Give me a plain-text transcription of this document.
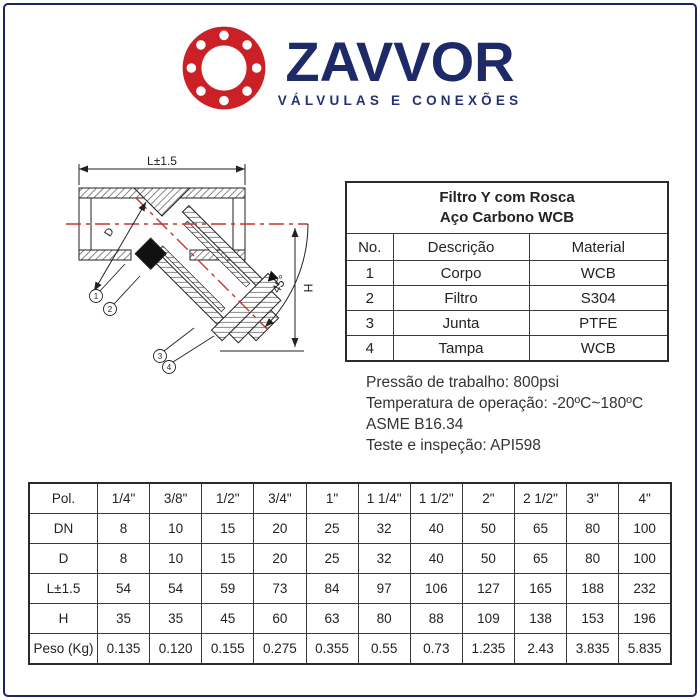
ZAVVOR
VÁLVULAS E CONEXÕES
L±1.5
D
H
45°
1
2
3
4
Filtro Y com Rosca
Aço Carbono WCB		

No.	Descrição	Material
1	Corpo	WCB
2	Filtro	S304
3	Junta	PTFE
4	Tampa	WCB
Pressão de trabalho: 800psi
Temperatura de operação: -20ºC~180ºC
ASME B16.34
Teste e inspeção: API598
Pol.	1/4"	3/8"	1/2"	3/4"	1"	1 1/4"	1 1/2"	2"	2 1/2"	3"	4"
DN	8	10	15	20	25	32	40	50	65	80	100
D	8	10	15	20	25	32	40	50	65	80	100
L±1.5	54	54	59	73	84	97	106	127	165	188	232
H	35	35	45	60	63	80	88	109	138	153	196
Peso (Kg)	0.135	0.120	0.155	0.275	0.355	0.55	0.73	1.235	2.43	3.835	5.835
